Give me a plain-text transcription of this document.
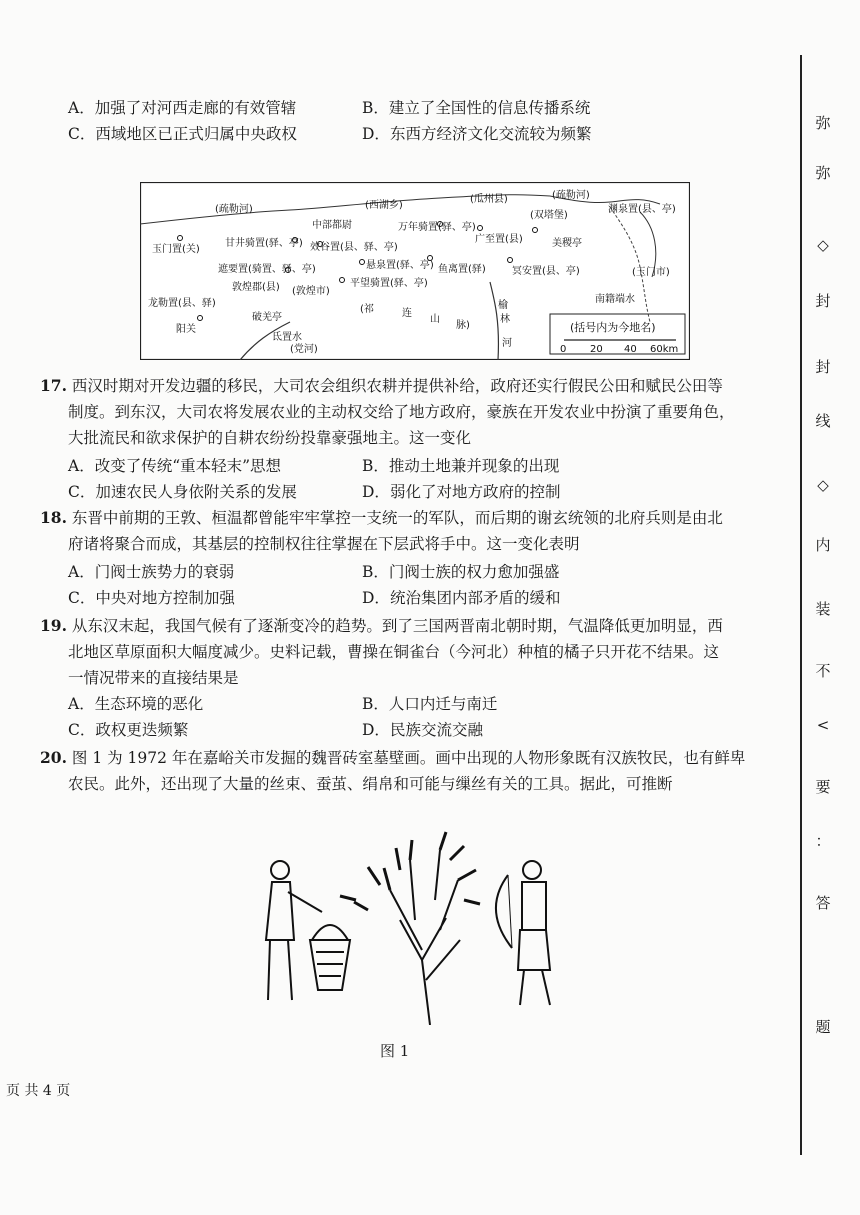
A．加强了对河西走廊的有效管辖	B．建立了全国性的信息传播系统
C．西域地区已正式归属中央政权	D．东西方经济文化交流较为频繁
(疏勒河)	(西湖乡)
(瓜州县)	(疏勒河)
中部都尉	万年骑置(驿、亭)
(双塔堡)
渊泉置(县、亭)
玉门置(关)
甘井骑置(驿、亭) 效谷置(县、驿、亭)
广至置(县)	美稷亭
遮要置(骑置、驿、亭)	悬泉置(驿、亭) 鱼离置(驿)	冥安置(县、亭)	(玉门市)
敦煌郡(县) (敦煌市)
平望骑置(驿、亭)
龙勒置(县、驿)
阳关
破羌亭
氐置水
(党河)
(祁	连
山
脉)
榆
林
河
南籍端水
(括号内为今地名)
0 20 40 60km
17. 西汉时期对开发边疆的移民，大司农会组织农耕并提供补给，政府还实行假民公田和赋民公田等
制度。到东汉，大司农将发展农业的主动权交给了地方政府，豪族在开发农业中扮演了重要角色，
大批流民和欲求保护的自耕农纷纷投靠豪强地主。这一变化
A．改变了传统“重本轻末”思想	B．推动土地兼并现象的出现
C．加速农民人身依附关系的发展	D．弱化了对地方政府的控制
18. 东晋中前期的王敦、桓温都曾能牢牢掌控一支统一的军队，而后期的谢玄统领的北府兵则是由北
府诸将聚合而成，其基层的控制权往往掌握在下层武将手中。这一变化表明
A．门阀士族势力的衰弱	B．门阀士族的权力愈加强盛
C．中央对地方控制加强	D．统治集团内部矛盾的缓和
19. 从东汉末起，我国气候有了逐渐变冷的趋势。到了三国两晋南北朝时期，气温降低更加明显，西
北地区草原面积大幅度减少。史料记载，曹操在铜雀台（今河北）种植的橘子只开花不结果。这
一情况带来的直接结果是
A．生态环境的恶化	B．人口内迁与南迁
C．政权更迭频繁	D．民族交流交融
20. 图 1 为 1972 年在嘉峪关市发掘的魏晋砖室墓壁画。画中出现的人物形象既有汉族牧民，也有鲜卑
农民。此外，还出现了大量的丝束、蚕茧、绢帛和可能与缫丝有关的工具。据此，可推断
图 1
页 共 4 页
弥
弥
◇
封
封
线
◇
内
装
不
<
要
：
答
题
